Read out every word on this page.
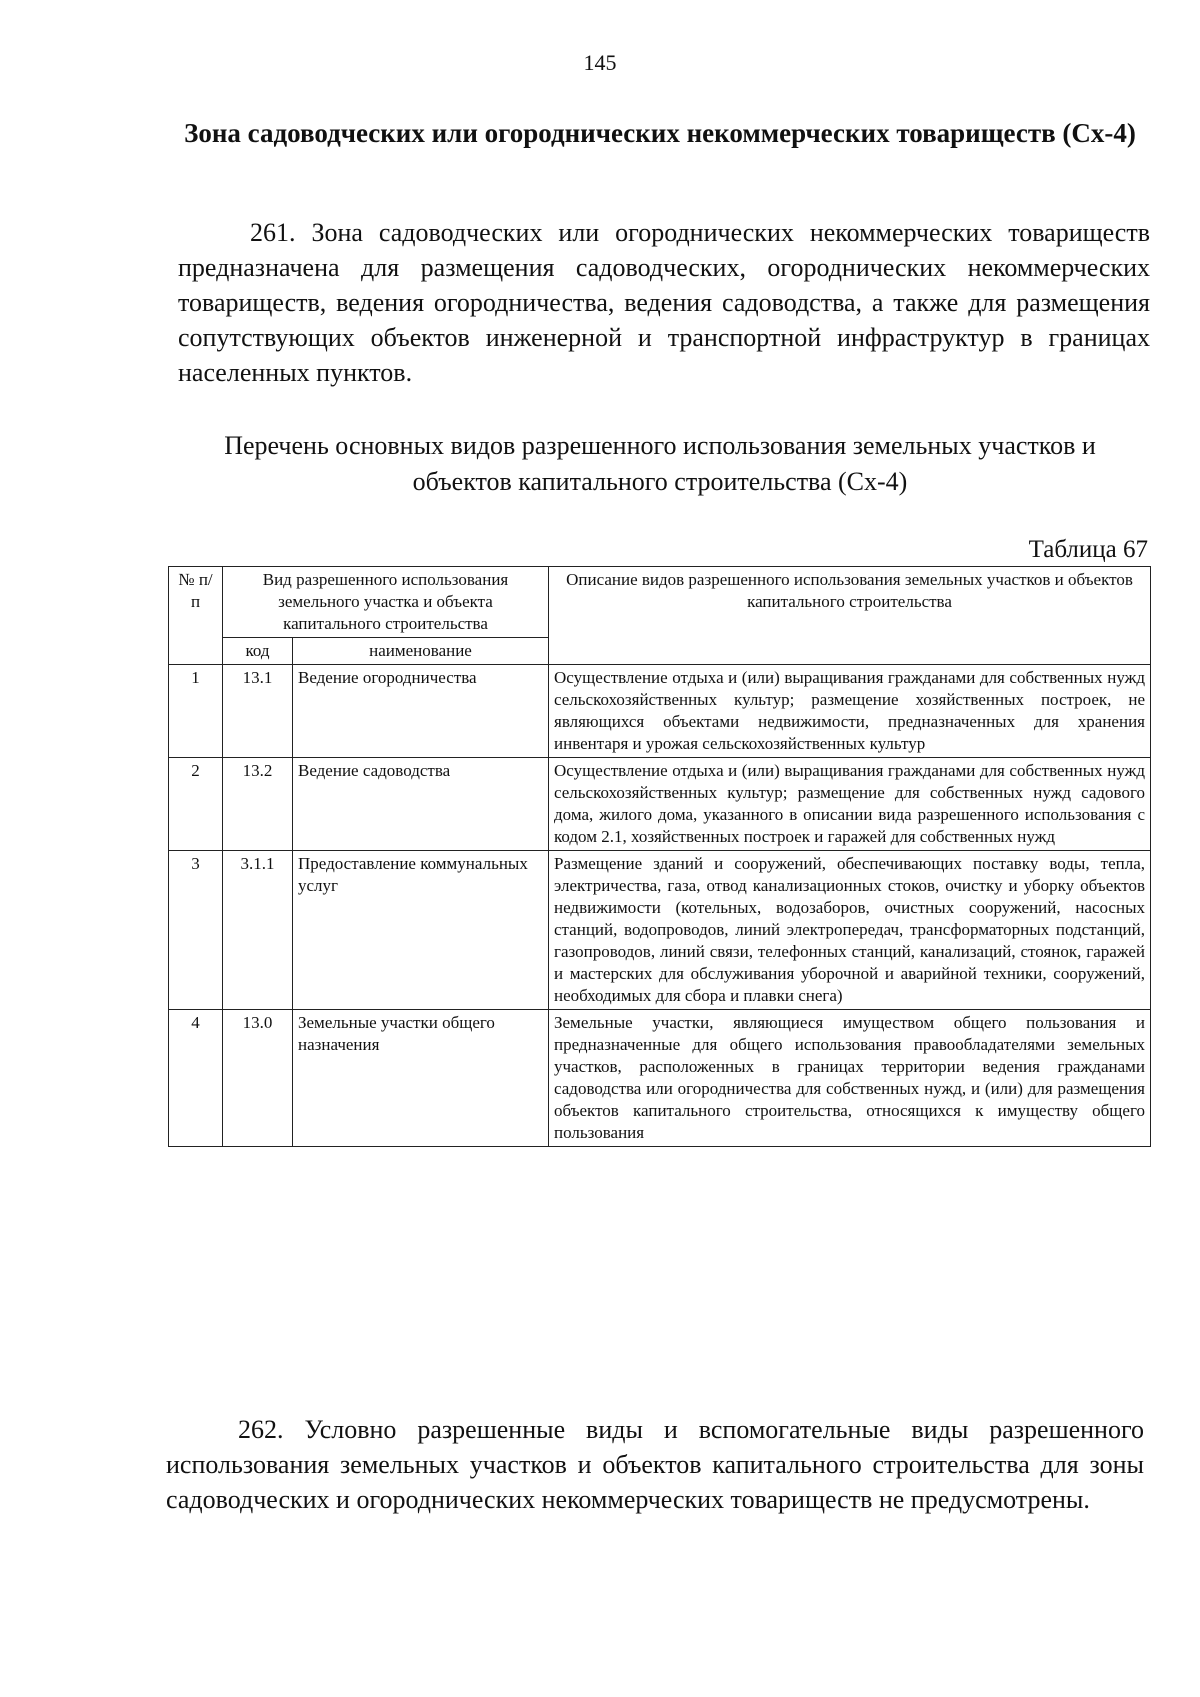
145
Зона садоводческих или огороднических некоммерческих товариществ (Сх-4)
261. Зона садоводческих или огороднических некоммерческих товариществ предназначена для размещения садоводческих, огороднических некоммерческих товариществ, ведения огородничества, ведения садоводства, а также для размещения сопутствующих объектов инженерной и транспортной инфраструктур в границах населенных пунктов.
Перечень основных видов разрешенного использования земельных участков и объектов капитального строительства (Сх-4)
Таблица 67
№ п/п	Вид разрешенного использования земельного участка и объекта капитального строительства		Описание видов разрешенного использования земельных участков и объектов капитального строительства
	код	наименование	
1	13.1	Ведение огородничества	Осуществление отдыха и (или) выращивания гражданами для собственных нужд сельскохозяйственных культур; размещение хозяйственных построек, не являющихся объектами недвижимости, предназначенных для хранения инвентаря и урожая сельскохозяйственных культур
2	13.2	Ведение садоводства	Осуществление отдыха и (или) выращивания гражданами для собственных нужд сельскохозяйственных культур; размещение для собственных нужд садового дома, жилого дома, указанного в описании вида разрешенного использования с кодом 2.1, хозяйственных построек и гаражей для собственных нужд
3	3.1.1	Предоставление коммунальных услуг	Размещение зданий и сооружений, обеспечивающих поставку воды, тепла, электричества, газа, отвод канализационных стоков, очистку и уборку объектов недвижимости (котельных, водозаборов, очистных сооружений, насосных станций, водопроводов, линий электропередач, трансформаторных подстанций, газопроводов, линий связи, телефонных станций, канализаций, стоянок, гаражей и мастерских для обслуживания уборочной и аварийной техники, сооружений, необходимых для сбора и плавки снега)
4	13.0	Земельные участки общего назначения	Земельные участки, являющиеся имуществом общего пользования и предназначенные для общего использования правообладателями земельных участков, расположенных в границах территории ведения гражданами садоводства или огородничества для собственных нужд, и (или) для размещения объектов капитального строительства, относящихся к имуществу общего пользования
262. Условно разрешенные виды и вспомогательные виды разрешенного использования земельных участков и объектов капитального строительства для зоны садоводческих и огороднических некоммерческих товариществ не предусмотрены.
